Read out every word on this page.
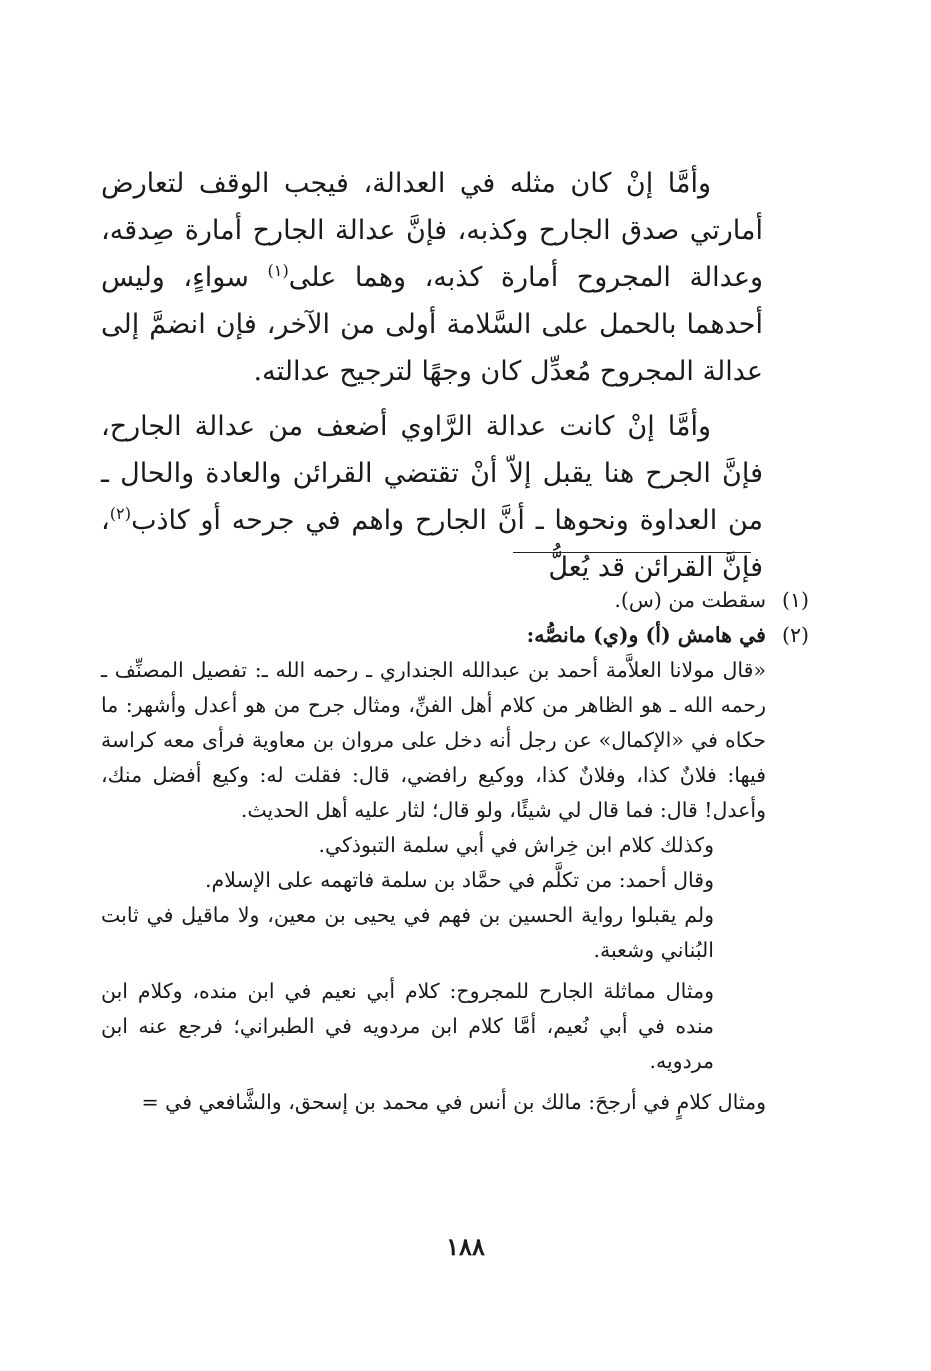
وأمَّا إنْ كان مثله في العدالة، فيجب الوقف لتعارض أمارتي صدق الجارح وكذبه، فإنَّ عدالة الجارح أمارة صِدقه، وعدالة المجروح أمارة كذبه، وهما على$^{(١)}$ سواءٍ، وليس أحدهما بالحمل على السَّلامة أولى من الآخر، فإن انضمَّ إلى عدالة المجروح مُعدِّل كان وجهًا لترجيح عدالته.

وأمَّا إنْ كانت عدالة الرَّاوي أضعف من عدالة الجارح، فإنَّ الجرح هنا يقبل إلاّ أنْ تقتضي القرائن والعادة والحال ـ من العداوة ونحوها ـ أنَّ الجارح واهم في جرحه أو كاذب$^{(٢)}$، فإنَّ القرائن قد يُعلُّ

(١)
سقطت من (س).
(٢)
في هامش (أ) و(ي) مانصُّه:

«قال مولانا العلاَّمة أحمد بن عبدالله الجنداري ـ رحمه الله ـ: تفصيل المصنِّف ـ رحمه الله ـ هو الظاهر من كلام أهل الفنِّ، ومثال جرح من هو أعدل وأشهر: ما حكاه في «الإكمال» عن رجل أنه دخل على مروان بن معاوية فرأى معه كراسة فيها: فلانٌ كذا، وفلانٌ كذا، ووكيع رافضي، قال: فقلت له: وكيع أفضل منك، وأعدل! قال: فما قال لي شيئًا، ولو قال؛ لثار عليه أهل الحديث.

وكذلك كلام ابن خِراش في أبي سلمة التبوذكي.

وقال أحمد: من تكلَّم في حمَّاد بن سلمة فاتهمه على الإسلام.

ولم يقبلوا رواية الحسين بن فهم في يحيى بن معين، ولا ماقيل في ثابت البُناني وشعبة.

ومثال مماثلة الجارح للمجروح: كلام أبي نعيم في ابن منده، وكلام ابن منده في أبي نُعيم، أمَّا كلام ابن مردويه في الطبراني؛ فرجع عنه ابن مردويه.

ومثال كلامٍ في أرجحَ: مالك بن أنس في محمد بن إسحق، والشَّافعي في =

١٨٨
